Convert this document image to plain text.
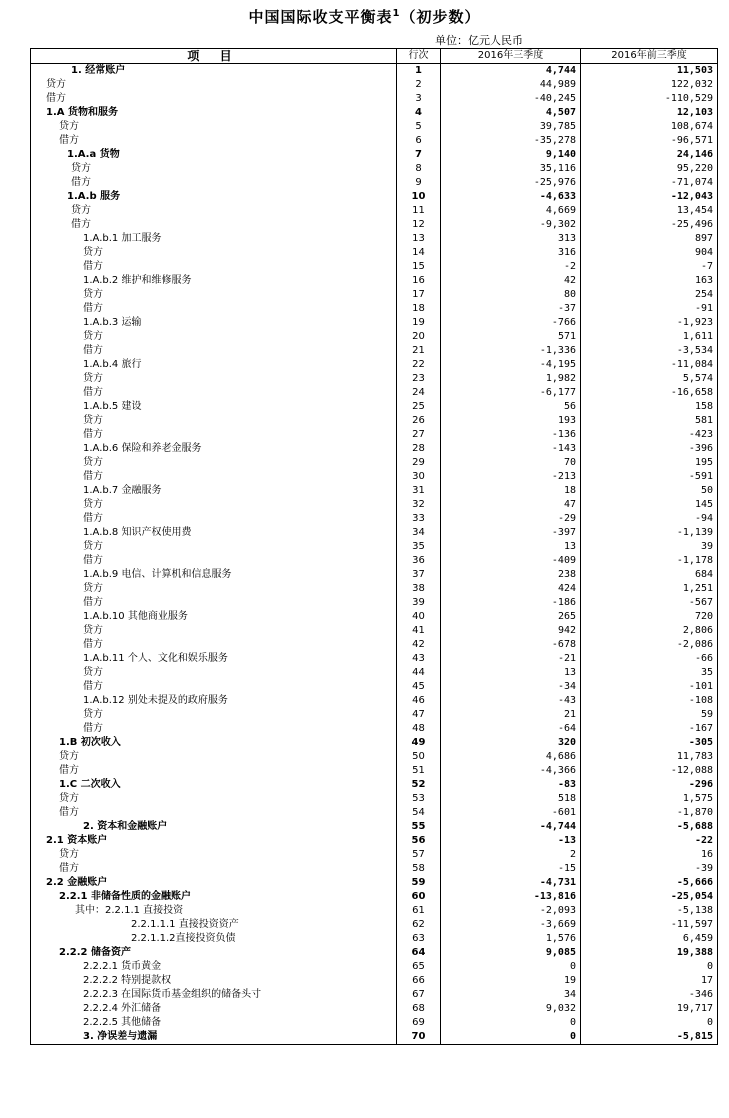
中国国际收支平衡表$^1$（初步数）
单位：亿元人民币
项 目	行次	2016年三季度	2016年前三季度
1. 经常账户	1	4,744	11,503
贷方	2	44,989	122,032
借方	3	-40,245	-110,529
1.A 货物和服务	4	4,507	12,103
贷方	5	39,785	108,674
借方	6	-35,278	-96,571
1.A.a 货物	7	9,140	24,146
贷方	8	35,116	95,220
借方	9	-25,976	-71,074
1.A.b 服务	10	-4,633	-12,043
贷方	11	4,669	13,454
借方	12	-9,302	-25,496
1.A.b.1 加工服务	13	313	897
贷方	14	316	904
借方	15	-2	-7
1.A.b.2 维护和维修服务	16	42	163
贷方	17	80	254
借方	18	-37	-91
1.A.b.3 运输	19	-766	-1,923
贷方	20	571	1,611
借方	21	-1,336	-3,534
1.A.b.4 旅行	22	-4,195	-11,084
贷方	23	1,982	5,574
借方	24	-6,177	-16,658
1.A.b.5 建设	25	56	158
贷方	26	193	581
借方	27	-136	-423
1.A.b.6 保险和养老金服务	28	-143	-396
贷方	29	70	195
借方	30	-213	-591
1.A.b.7 金融服务	31	18	50
贷方	32	47	145
借方	33	-29	-94
1.A.b.8 知识产权使用费	34	-397	-1,139
贷方	35	13	39
借方	36	-409	-1,178
1.A.b.9 电信、计算机和信息服务	37	238	684
贷方	38	424	1,251
借方	39	-186	-567
1.A.b.10 其他商业服务	40	265	720
贷方	41	942	2,806
借方	42	-678	-2,086
1.A.b.11 个人、文化和娱乐服务	43	-21	-66
贷方	44	13	35
借方	45	-34	-101
1.A.b.12 别处未提及的政府服务	46	-43	-108
贷方	47	21	59
借方	48	-64	-167
1.B 初次收入	49	320	-305
贷方	50	4,686	11,783
借方	51	-4,366	-12,088
1.C 二次收入	52	-83	-296
贷方	53	518	1,575
借方	54	-601	-1,870
2. 资本和金融账户	55	-4,744	-5,688
2.1 资本账户	56	-13	-22
贷方	57	2	16
借方	58	-15	-39
2.2 金融账户	59	-4,731	-5,666
2.2.1 非储备性质的金融账户	60	-13,816	-25,054
其中：2.2.1.1 直接投资	61	-2,093	-5,138
2.2.1.1.1 直接投资资产	62	-3,669	-11,597
2.2.1.1.2直接投资负债	63	1,576	6,459
2.2.2 储备资产	64	9,085	19,388
2.2.2.1 货币黄金	65	0	0
2.2.2.2 特别提款权	66	19	17
2.2.2.3 在国际货币基金组织的储备头寸	67	34	-346
2.2.2.4 外汇储备	68	9,032	19,717
2.2.2.5 其他储备	69	0	0
3. 净误差与遗漏	70	0	-5,815
